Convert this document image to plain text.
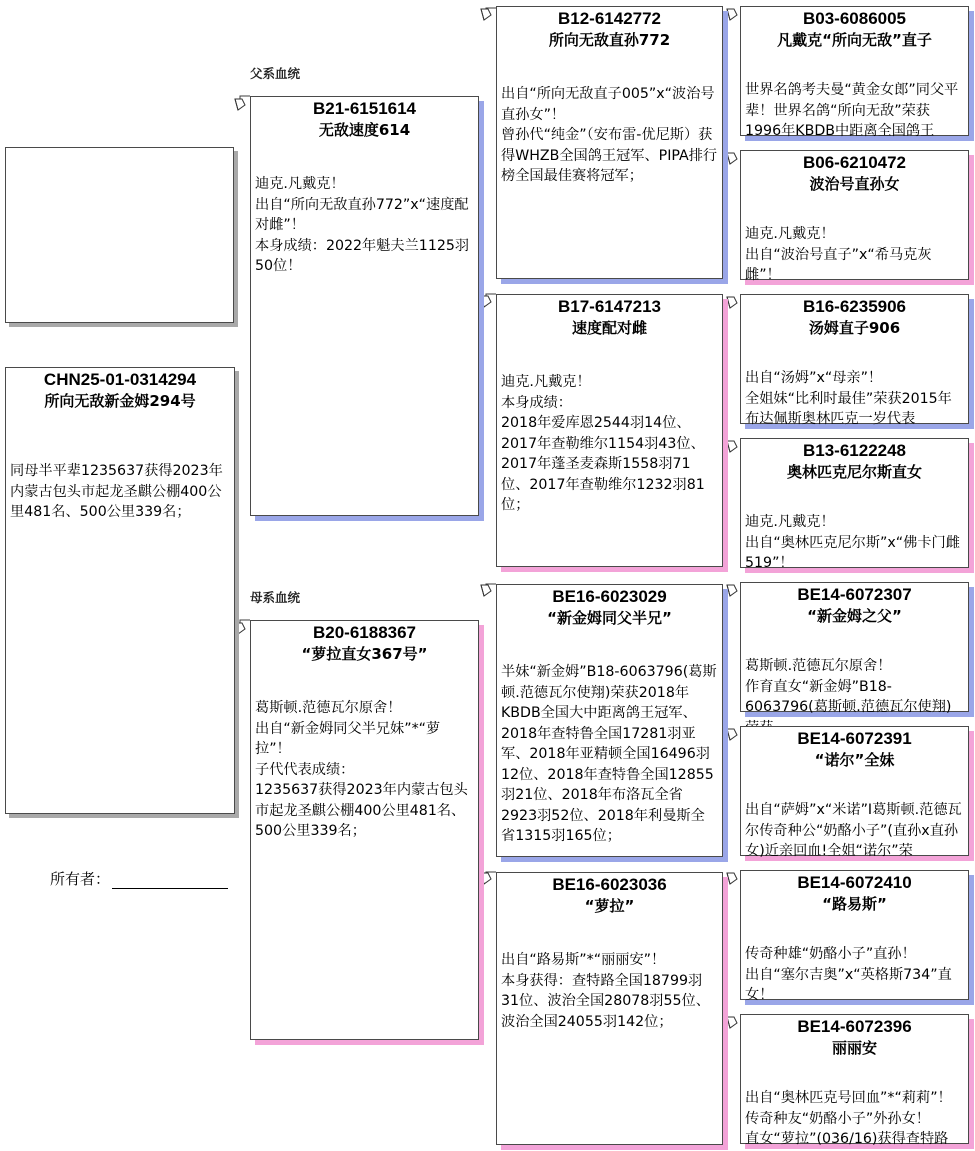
CHN25-01-0314294
所向无敌新金姆294号
同母半平辈1235637获得2023年内蒙古包头市起龙圣麒公棚400公里481名、500公里339名；
所有者：
父系血统
母系血统
B21-6151614
无敌速度614
迪克.凡戴克！
出自“所向无敌直孙772”x“速度配对雌”！
本身成绩：2022年魁夫兰1125羽50位！
B20-6188367
“萝拉直女367号”
葛斯顿.范德瓦尔原舍！
出自“新金姆同父半兄妹”*“萝拉”！
子代代表成绩：
1235637获得2023年内蒙古包头市起龙圣麒公棚400公里481名、500公里339名；
B12-6142772
所向无敌直孙772
出自“所向无敌直子005”x“波治号直孙女”！
曾孙代“纯金”（安布雷-优尼斯）获得WHZB全国鸽王冠军、PIPA排行榜全国最佳赛将冠军；
B17-6147213
速度配对雌
迪克.凡戴克！
本身成绩：
2018年爱库恩2544羽14位、2017年查勒维尔1154羽43位、2017年蓬圣麦森斯1558羽71位、2017年查勒维尔1232羽81位；
BE16-6023029
“新金姆同父半兄”
半妹“新金姆”B18-6063796(葛斯顿.范德瓦尔使翔)荣获2018年KBDB全国大中距离鸽王冠军、2018年查特鲁全国17281羽亚军、2018年亚精顿全国16496羽12位、2018年查特鲁全国12855羽21位、2018年布洛瓦全省2923羽52位、2018年利曼斯全省1315羽165位；
BE16-6023036
“萝拉”
出自“路易斯”*“丽丽安”！
本身获得：查特路全国18799羽31位、波治全国28078羽55位、波治全国24055羽142位；
B03-6086005
凡戴克“所向无敌”直子
世界名鸽考夫曼“黄金女郎”同父平辈！世界名鸽“所向无敌”荣获1996年KBDB中距离全国鸽王
B06-6210472
波治号直孙女
迪克.凡戴克！
出自“波治号直子”x“希马克灰雌”！
B16-6235906
汤姆直子906
出自“汤姆”x“母亲”！
全姐妹“比利时最佳”荣获2015年布达佩斯奥林匹克一岁代表
B13-6122248
奥林匹克尼尔斯直女
迪克.凡戴克！
出自“奥林匹克尼尔斯”x“佛卡门雌519”！
BE14-6072307
“新金姆之父”
葛斯顿.范德瓦尔原舍！
作育直女“新金姆”B18-6063796(葛斯顿.范德瓦尔使翔)
BE14-6072391
“诺尔”全妹
出自“萨姆”x“米诺”I葛斯顿.范德瓦尔传奇种公“奶酪小子”(直孙x直孙女)近亲回血!全姐“诺尔”荣
BE14-6072410
“路易斯”
传奇种雄“奶酪小子”直孙！
出自“塞尔吉奥”x“英格斯734”直女！
BE14-6072396
丽丽安
出自“奥林匹克号回血”*“莉莉”！
传奇种友“奶酪小子”外孙女！
直女“萝拉”(036/16)获得查特路
